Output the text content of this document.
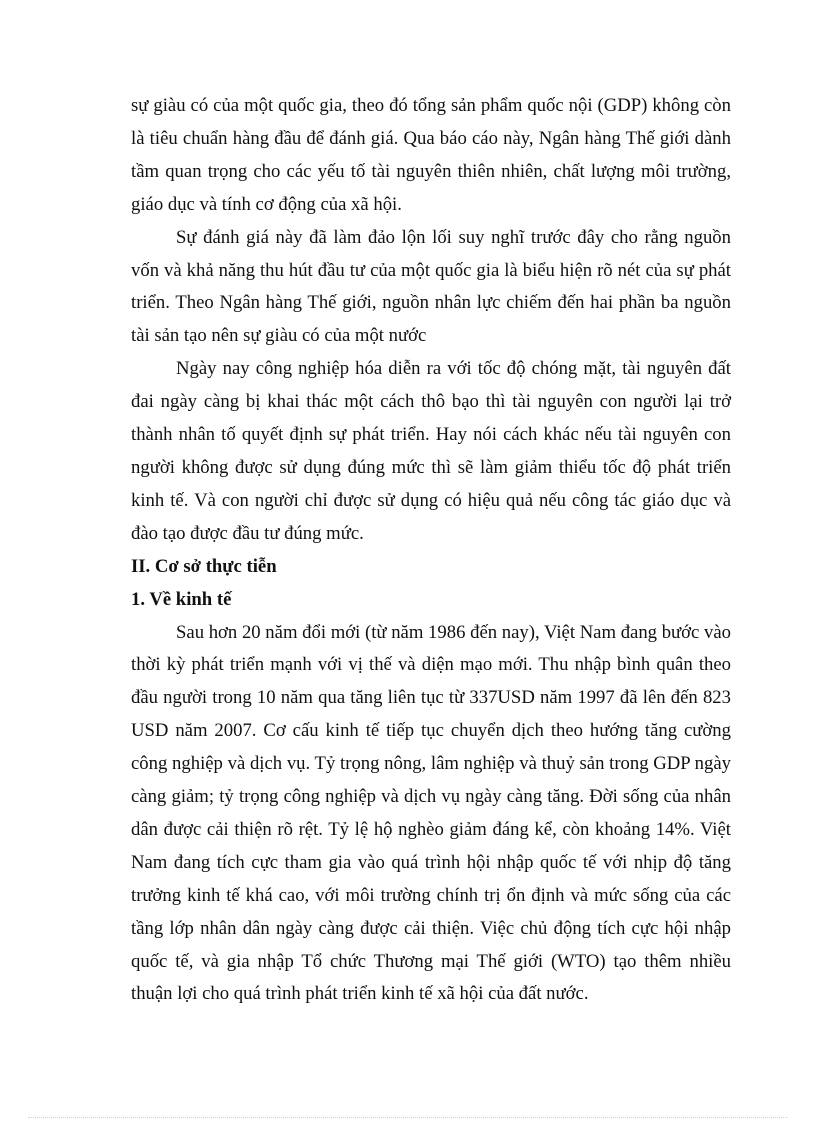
sự giàu có của một quốc gia, theo đó tổng sản phẩm quốc nội (GDP) không còn là tiêu chuẩn hàng đầu để đánh giá. Qua báo cáo này, Ngân hàng Thế giới dành tầm quan trọng cho các yếu tố tài nguyên thiên nhiên, chất lượng môi trường, giáo dục và tính cơ động của xã hội.

Sự đánh giá này đã làm đảo lộn lối suy nghĩ trước đây cho rằng nguồn vốn và khả năng thu hút đầu tư của một quốc gia là biểu hiện rõ nét của sự phát triển. Theo Ngân hàng Thế giới, nguồn nhân lực chiếm đến hai phần ba nguồn tài sản tạo nên sự giàu có của một nước

Ngày nay công nghiệp hóa diễn ra với tốc độ chóng mặt, tài nguyên đất đai ngày càng bị khai thác một cách thô bạo thì tài nguyên con người lại trở thành nhân tố quyết định sự phát triển. Hay nói cách khác nếu tài nguyên con người không được sử dụng đúng mức thì sẽ làm giảm thiểu tốc độ phát triển kinh tế. Và con người chỉ được sử dụng có hiệu quả nếu công tác giáo dục và đào tạo được đầu tư đúng mức.

II. Cơ sở thực tiễn

1. Về kinh tế

Sau hơn 20 năm đổi mới (từ năm 1986 đến nay), Việt Nam đang bước vào thời kỳ phát triển mạnh với vị thế và diện mạo mới. Thu nhập bình quân theo đầu người trong 10 năm qua tăng liên tục từ 337USD năm 1997 đã lên đến 823 USD năm 2007. Cơ cấu kinh tế tiếp tục chuyển dịch theo hướng tăng cường công nghiệp và dịch vụ. Tỷ trọng nông, lâm nghiệp và thuỷ sản trong GDP ngày càng giảm; tỷ trọng công nghiệp và dịch vụ ngày càng tăng. Đời sống của nhân dân được cải thiện rõ rệt. Tỷ lệ hộ nghèo giảm đáng kể, còn khoảng 14%. Việt Nam đang tích cực tham gia vào quá trình hội nhập quốc tế với nhịp độ tăng trưởng kinh tế khá cao, với môi trường chính trị ổn định và mức sống của các tầng lớp nhân dân ngày càng được cải thiện. Việc chủ động tích cực hội nhập quốc tế, và gia nhập Tổ chức Thương mại Thế giới (WTO) tạo thêm nhiều thuận lợi cho quá trình phát triển kinh tế xã hội của đất nước.
